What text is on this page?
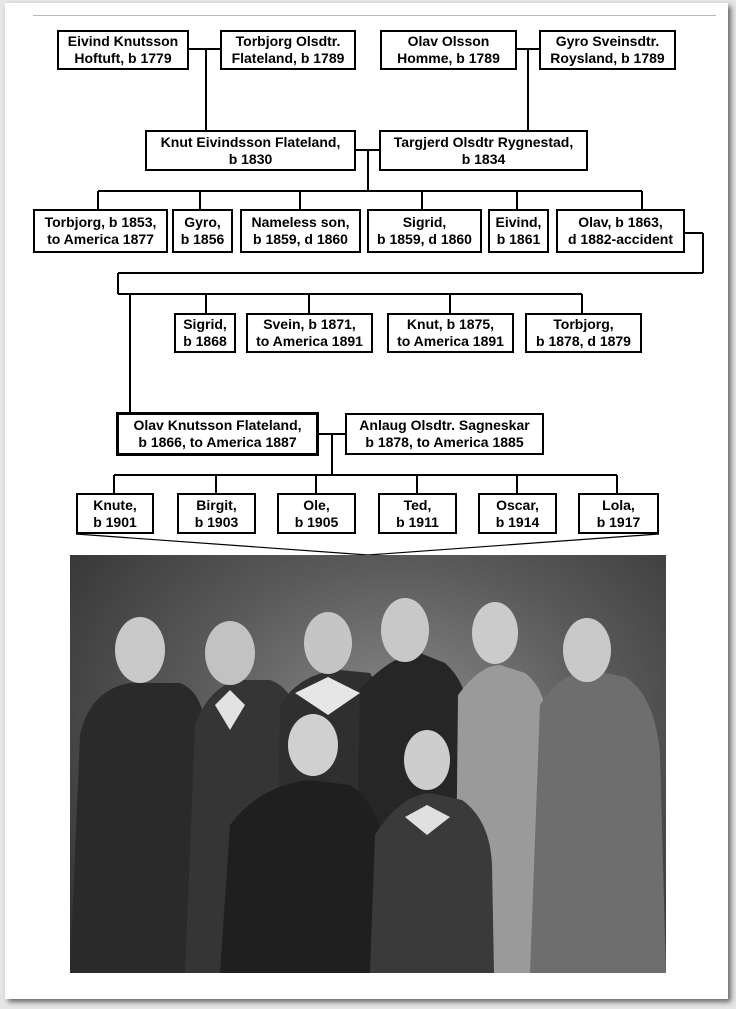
Eivind Knutsson
Hoftuft, b 1779
Torbjorg Olsdtr.
Flateland, b 1789
Olav Olsson
Homme, b 1789
Gyro Sveinsdtr.
Roysland, b 1789
Knut Eivindsson Flateland,
b 1830
Targjerd Olsdtr Rygnestad,
b 1834
Torbjorg, b 1853,
to America 1877
Gyro,
b 1856
Nameless son,
b 1859, d 1860
Sigrid,
b 1859, d 1860
Eivind,
b 1861
Olav, b 1863,
d 1882-accident
Sigrid,
b 1868
Svein, b 1871,
to America 1891
Knut, b 1875,
to America 1891
Torbjorg,
b 1878, d 1879
Olav Knutsson Flateland,
b 1866, to America 1887
Anlaug Olsdtr. Sagneskar
b 1878, to America 1885
Knute,
b 1901
Birgit,
b 1903
Ole,
b 1905
Ted,
b 1911
Oscar,
b 1914
Lola,
b 1917
